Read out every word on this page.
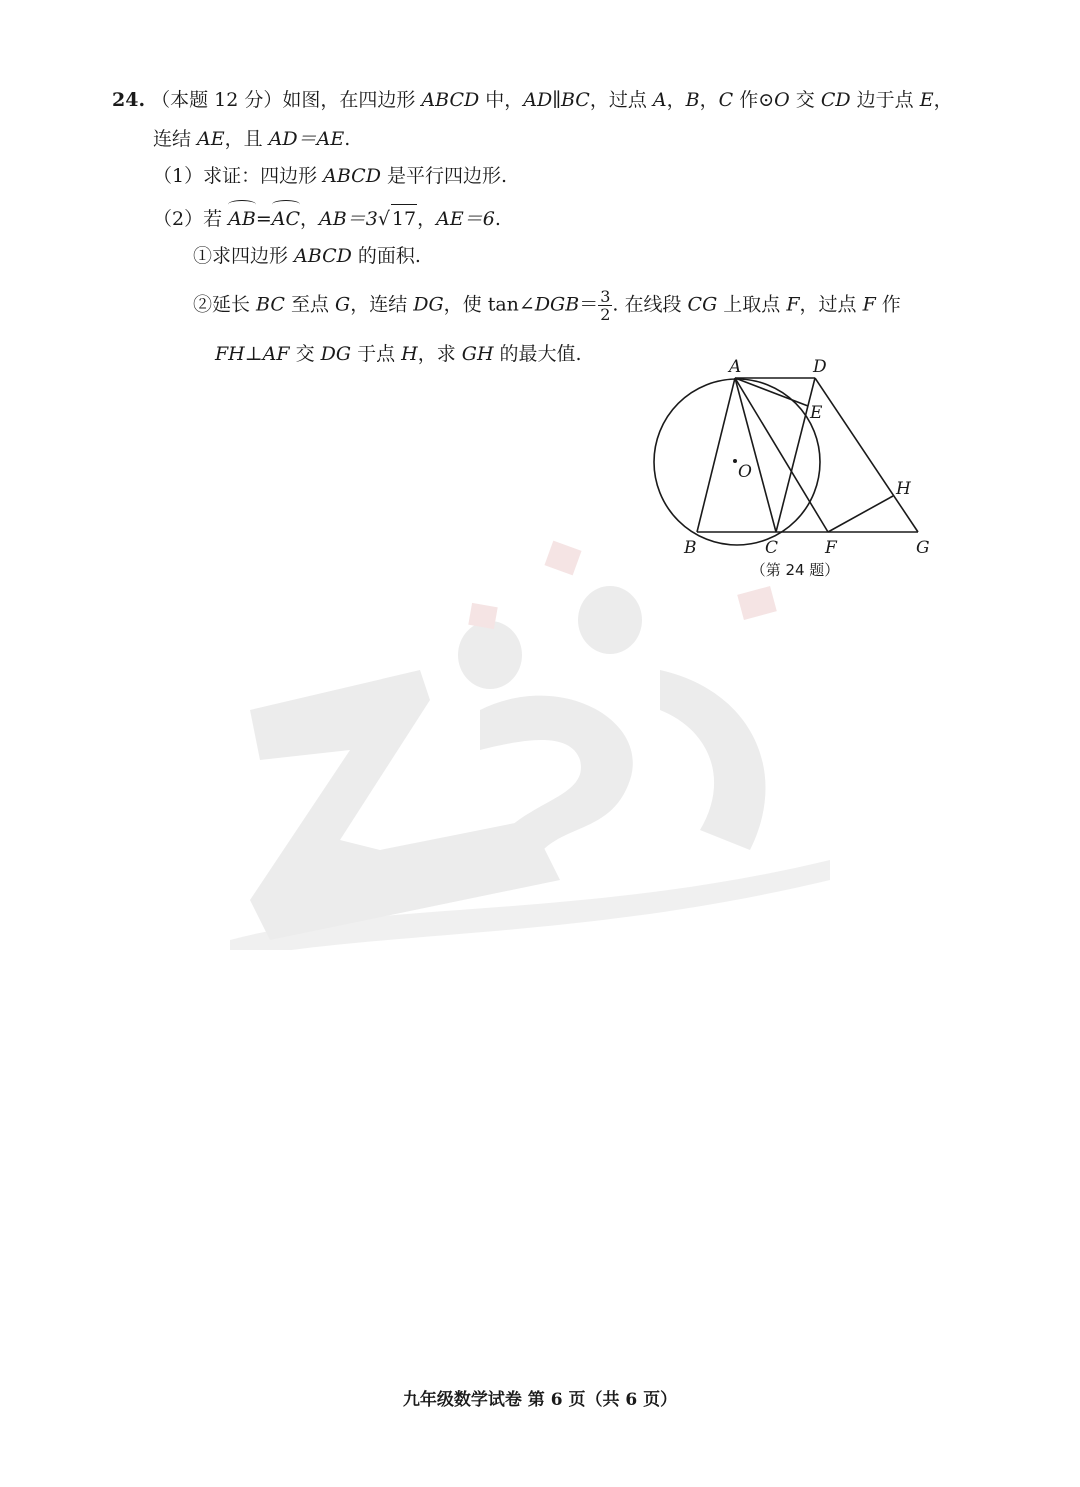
24. （本题 12 分）如图，在四边形 ABCD 中，AD∥BC，过点 A，B，C 作⊙O 交 CD 边于点 E，
连结 AE，且 AD＝AE.
（1）求证：四边形 ABCD 是平行四边形.
（2）若 AB=AC，AB＝3√ 17，AE＝6.
①求四边形 ABCD 的面积.
②延长 BC 至点 G，连结 DG，使 tan∠DGB＝ $\frac{3}{2}$ . 在线段 CG 上取点 F，过点 F 作
FH⊥AF 交 DG 于点 H，求 GH 的最大值.
A	D
E
O
H
B	C	F	G
（第 24 题）
九年级数学试卷 第 6 页（共 6 页）
